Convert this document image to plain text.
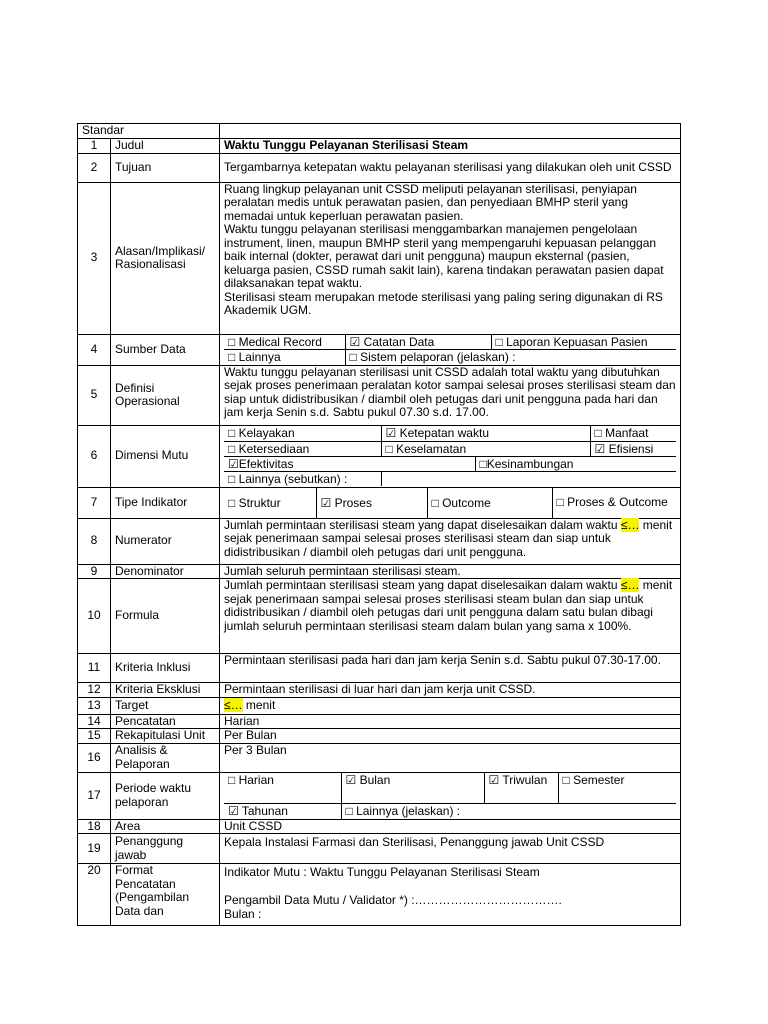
Standar	
1	Judul	Waktu Tunggu Pelayanan Sterilisasi Steam
2	Tujuan	Tergambarnya ketepatan waktu pelayanan sterilisasi yang dilakukan oleh unit CSSD
3	Alasan/Implikasi/ Rasionalisasi	
Ruang lingkup pelayanan unit CSSD meliputi pelayanan sterilisasi, penyiapan peralatan medis untuk perawatan pasien, dan penyediaan BMHP steril yang memadai untuk keperluan perawatan pasien.
Waktu tunggu pelayanan sterilisasi menggambarkan manajemen pengelolaan instrument, linen, maupun BMHP steril yang mempengaruhi kepuasan pelanggan baik internal (dokter, perawat dari unit pengguna) maupun eksternal (pasien, keluarga pasien, CSSD rumah sakit lain), karena tindakan perawatan pasien dapat dilaksanakan tepat waktu.
Sterilisasi steam merupakan metode sterilisasi yang paling sering digunakan di RS Akademik UGM.

4	Sumber Data	
□ Medical Record	☑ Catatan Data	□ Laporan Kepuasan Pasien
□ Lainnya	□ Sistem pelaporan (jelaskan) :

5	Definisi Operasional	Waktu tunggu pelayanan sterilisasi unit CSSD adalah total waktu yang dibutuhkan sejak proses penerimaan peralatan kotor sampai selesai proses sterilisasi steam dan siap untuk didistribusikan / diambil oleh petugas dari unit pengguna pada hari dan jam kerja Senin s.d. Sabtu pukul 07.30 s.d. 17.00.
6	Dimensi Mutu	
□ Kelayakan	☑ Ketepatan waktu	□ Manfaat
□ Ketersediaan	□ Keselamatan	☑ Efisiensi
☑Efektivitas	□Kesinambungan
□ Lainnya (sebutkan) :	

7	Tipe Indikator		□ Struktur	☑ Proses	□ Outcome	□ Proses & Outcome

8	Numerator	Jumlah permintaan sterilisasi steam yang dapat diselesaikan dalam waktu ≤… menit sejak penerimaan sampai selesai proses sterilisasi steam dan siap untuk didistribusikan / diambil oleh petugas dari unit pengguna.
9	Denominator	Jumlah seluruh permintaan sterilisasi steam.
10	Formula	Jumlah permintaan sterilisasi steam yang dapat diselesaikan dalam waktu ≤… menit sejak penerimaan sampai selesai proses sterilisasi steam bulan dan siap untuk didistribusikan / diambil oleh petugas dari unit pengguna dalam satu bulan dibagi jumlah seluruh permintaan sterilisasi steam dalam bulan yang sama x 100%.
11	Kriteria Inklusi	Permintaan sterilisasi pada hari dan jam kerja Senin s.d. Sabtu pukul 07.30-17.00.
12	Kriteria Eksklusi	Permintaan sterilisasi di luar hari dan jam kerja unit CSSD.
13	Target	≤… menit
14	Pencatatan	Harian
15	Rekapitulasi Unit	Per Bulan
16	Analisis & Pelaporan	Per 3 Bulan
17	Periode waktu pelaporan	
□ Harian	☑ Bulan	☑ Triwulan	□ Semester
☑ Tahunan	□ Lainnya (jelaskan) :

18	Area	Unit CSSD
19	Penanggung jawab	Kepala Instalasi Farmasi dan Sterilisasi, Penanggung jawab Unit CSSD
20	Format Pencatatan (Pengambilan Data dan	
Indikator Mutu : Waktu Tunggu Pelayanan Sterilisasi Steam
Pengambil Data Mutu / Validator *) :……………………………….
Bulan :
